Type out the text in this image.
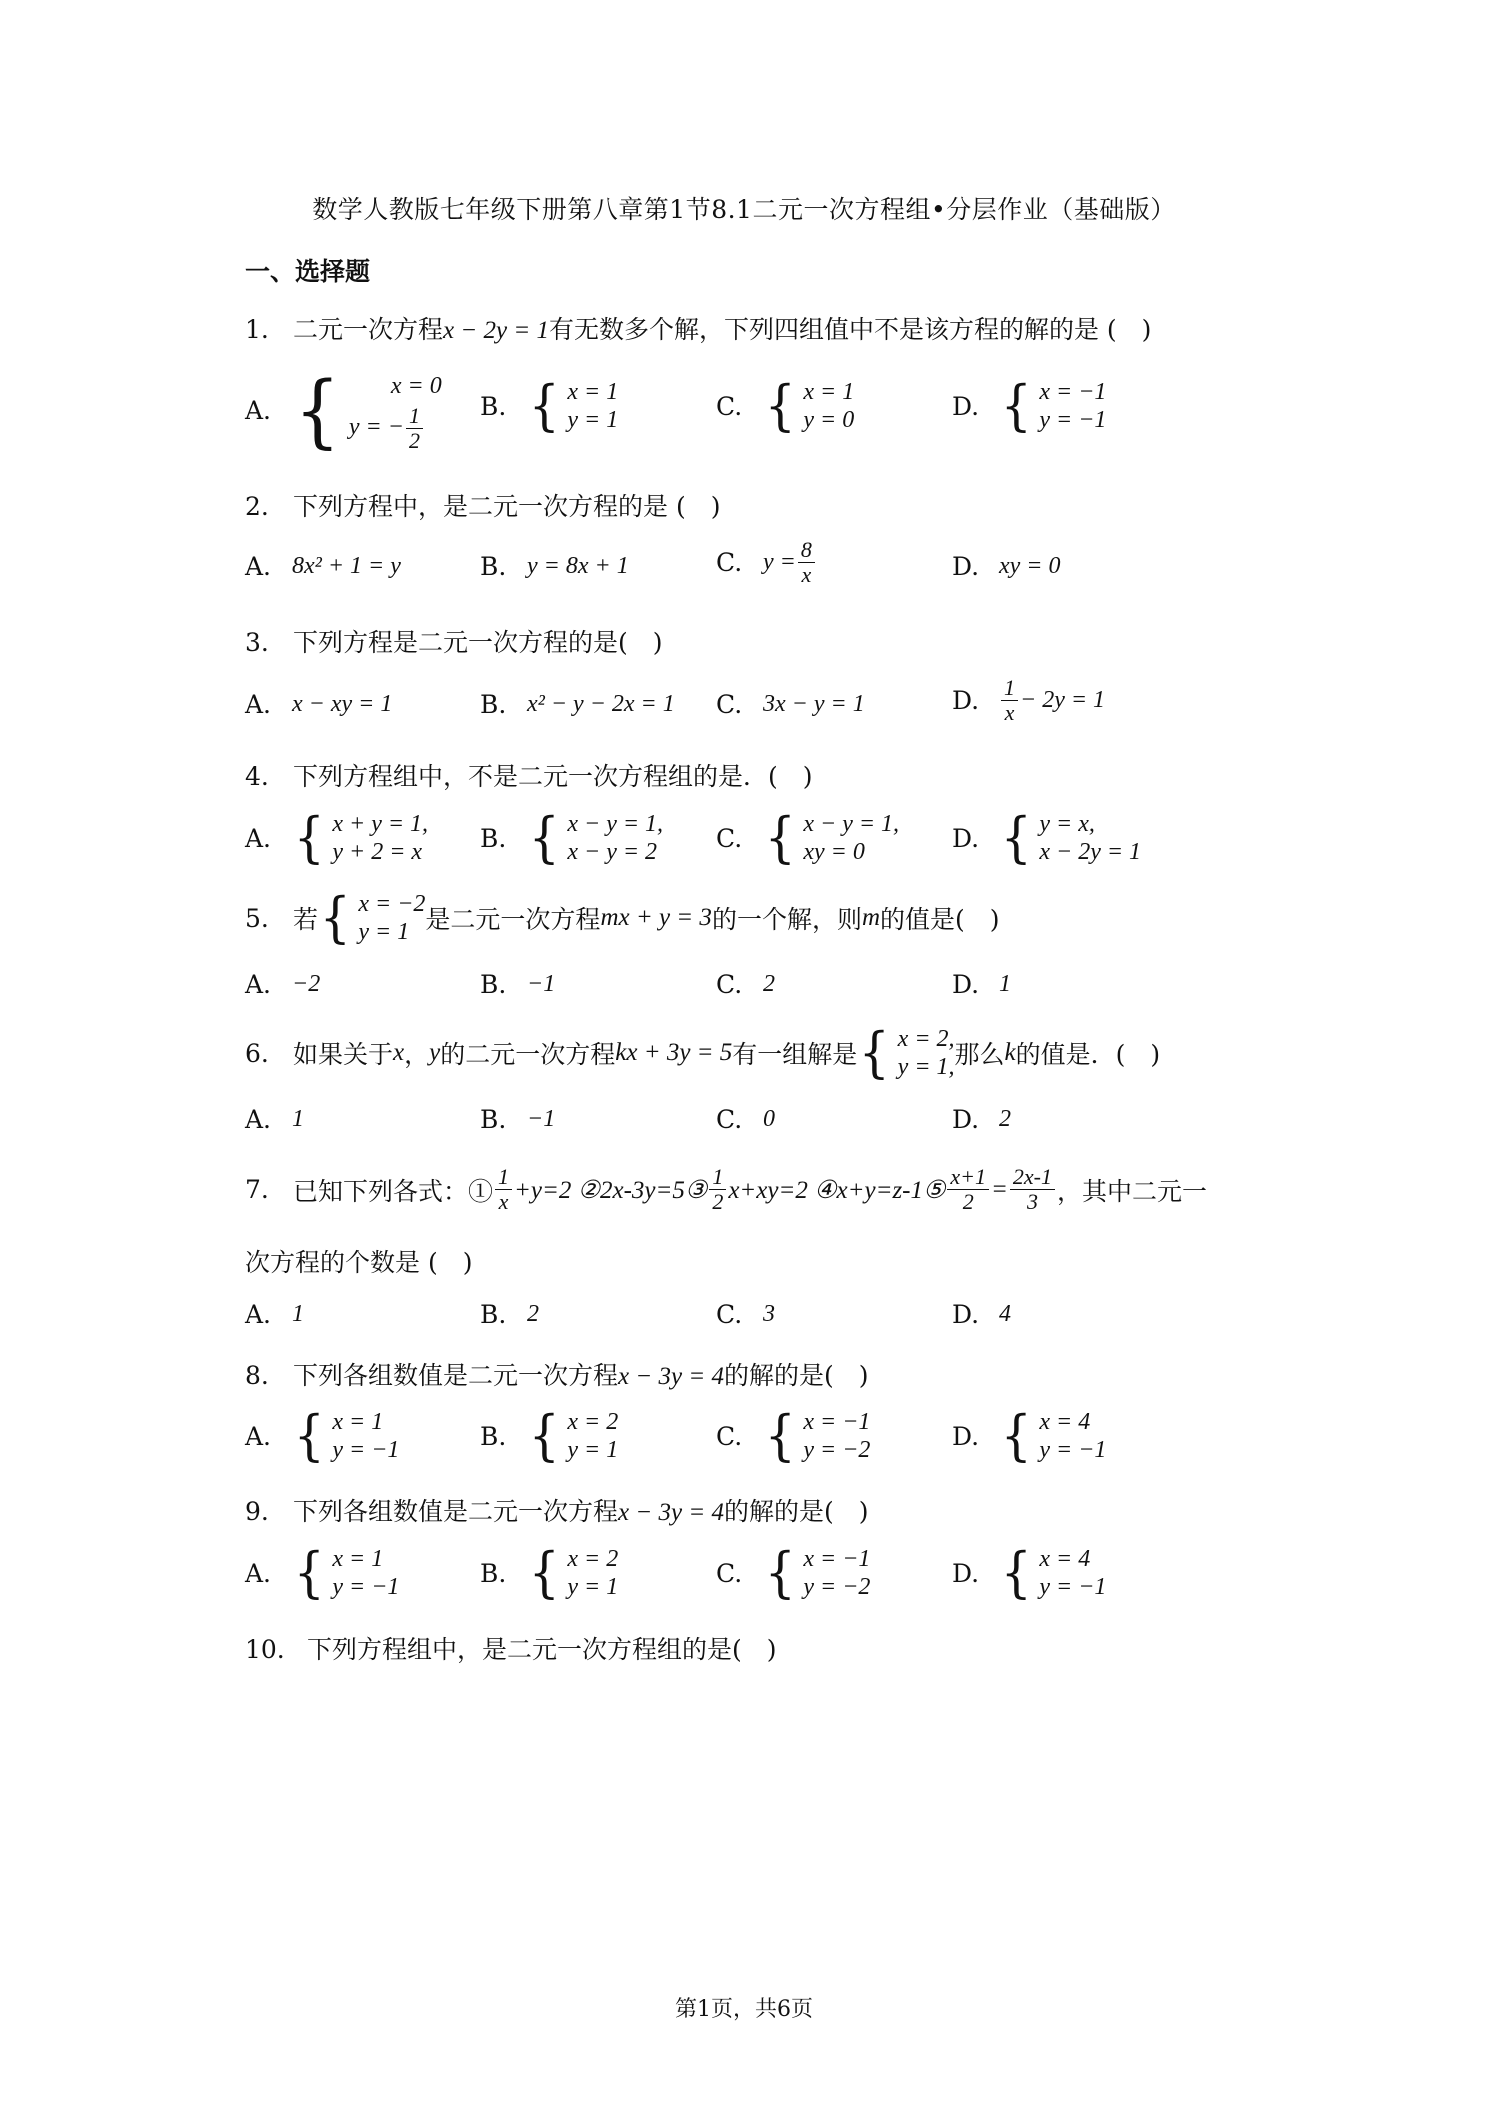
数学人教版七年级下册第八章第1节8.1二元一次方程组•分层作业（基础版）
一、选择题
1. 二元一次方程x − 2y = 1有无数多个解，下列四组值中不是该方程的解的是 (　)
A. {	x = 0
y = − $\frac{1}{2} B$. { x = 1
y = 1	C. { x = 1
y = 0	D. { x = −1
y = −1
2. 下列方程中，是二元一次方程的是 (　)
A. 8x² + 1 = y	B. y = 8x + 1	C. $y = \frac{8}{x}$	D. xy = 0
3. 下列方程是二元一次方程的是(　)
A. x − xy = 1	B. x² − y − 2x = 1 C. 3x − y = 1	D. $\frac{1}{x} - 2y = 1$
4. 下列方程组中，不是二元一次方程组的是．(　)
A. { x + y = 1,
y + 2 = x B. { x − y = 1,
x − y = 2 C. { x − y = 1,
xy = 0	D. { y = x,
x − 2y = 1
5. 若 { x = −2
y = 1 是二元一次方程 mx + y = 3 的一个解，则 m 的值是(　)
A. −2	B. −1	C. 2	D. 1
6. 如果关于 x ， y 的二元一次方程 kx + 3y = 5 有一组解是 { x = 2,
y = 1, 那么 k 的值是．(　)
A. 1	B. −1	C. 0	D. 2
7. 已知下列各式：① $\frac{1}{x} +y=2$ ②2x-3y=5③ $\frac{1}{2} x+xy=2$ ④x+y=z-1⑤ $\frac{x+1}{2} = \frac{2x-1}{3}$ ，其中二元一
次方程的个数是 (　)
A. 1	B. 2	C. 3	D. 4
8. 下列各组数值是二元一次方程x − 3y = 4的解的是(　)
A. { x = 1
y = −1	B. { x = 2
y = 1	C. { x = −1
y = −2	D. { x = 4
y = −1
9. 下列各组数值是二元一次方程x − 3y = 4的解的是(　)
A. { x = 1
y = −1	B. { x = 2
y = 1	C. { x = −1
y = −2	D. { x = 4
y = −1
10. 下列方程组中，是二元一次方程组的是(　)
第1页，共6页
